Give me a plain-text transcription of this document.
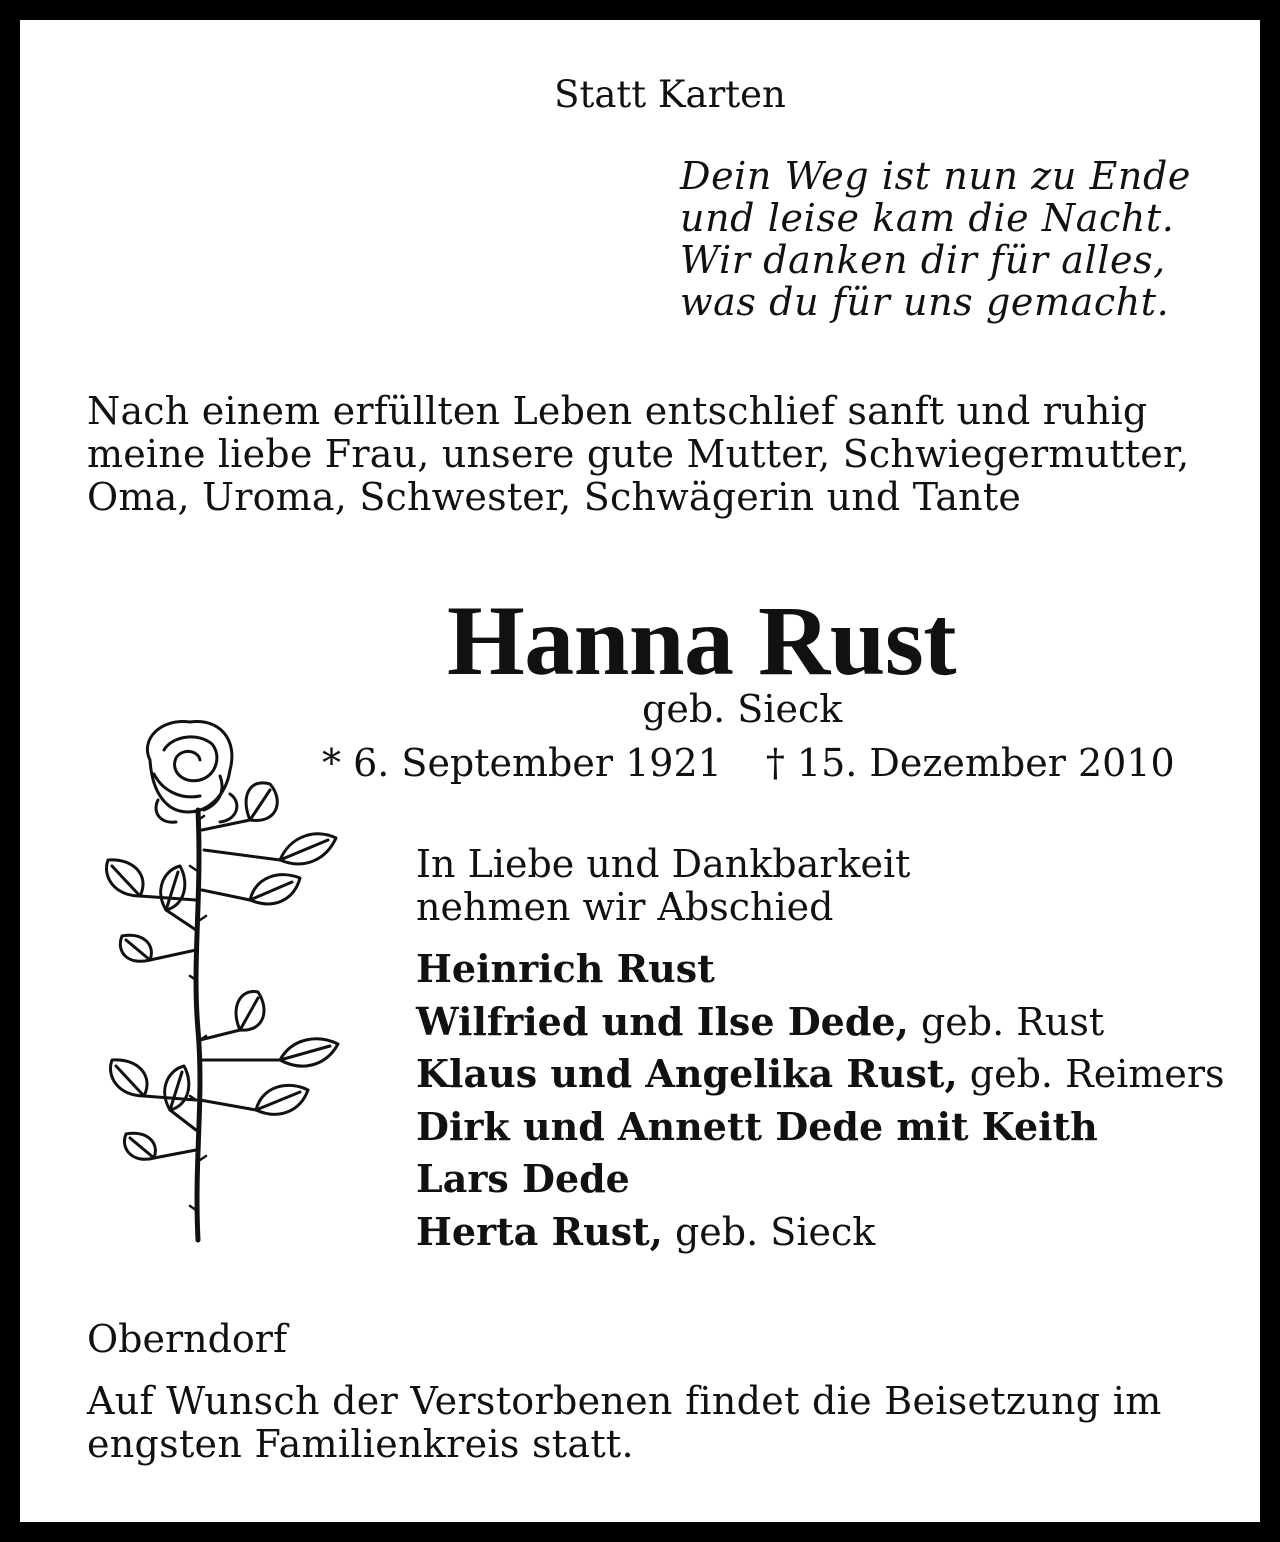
Statt Karten
Dein Weg ist nun zu Ende
und leise kam die Nacht.
Wir danken dir für alles,
was du für uns gemacht.
Nach einem erfüllten Leben entschlief sanft und ruhig
meine liebe Frau, unsere gute Mutter, Schwiegermutter,
Oma, Uroma, Schwester, Schwägerin und Tante
Hanna Rust
geb. Sieck
* 6. September 1921 † 15. Dezember 2010
In Liebe und Dankbarkeit
nehmen wir Abschied
Heinrich Rust
Wilfried und Ilse Dede, geb. Rust
Klaus und Angelika Rust, geb. Reimers
Dirk und Annett Dede mit Keith
Lars Dede
Herta Rust, geb. Sieck
Oberndorf
Auf Wunsch der Verstorbenen findet die Beisetzung im
engsten Familienkreis statt.
